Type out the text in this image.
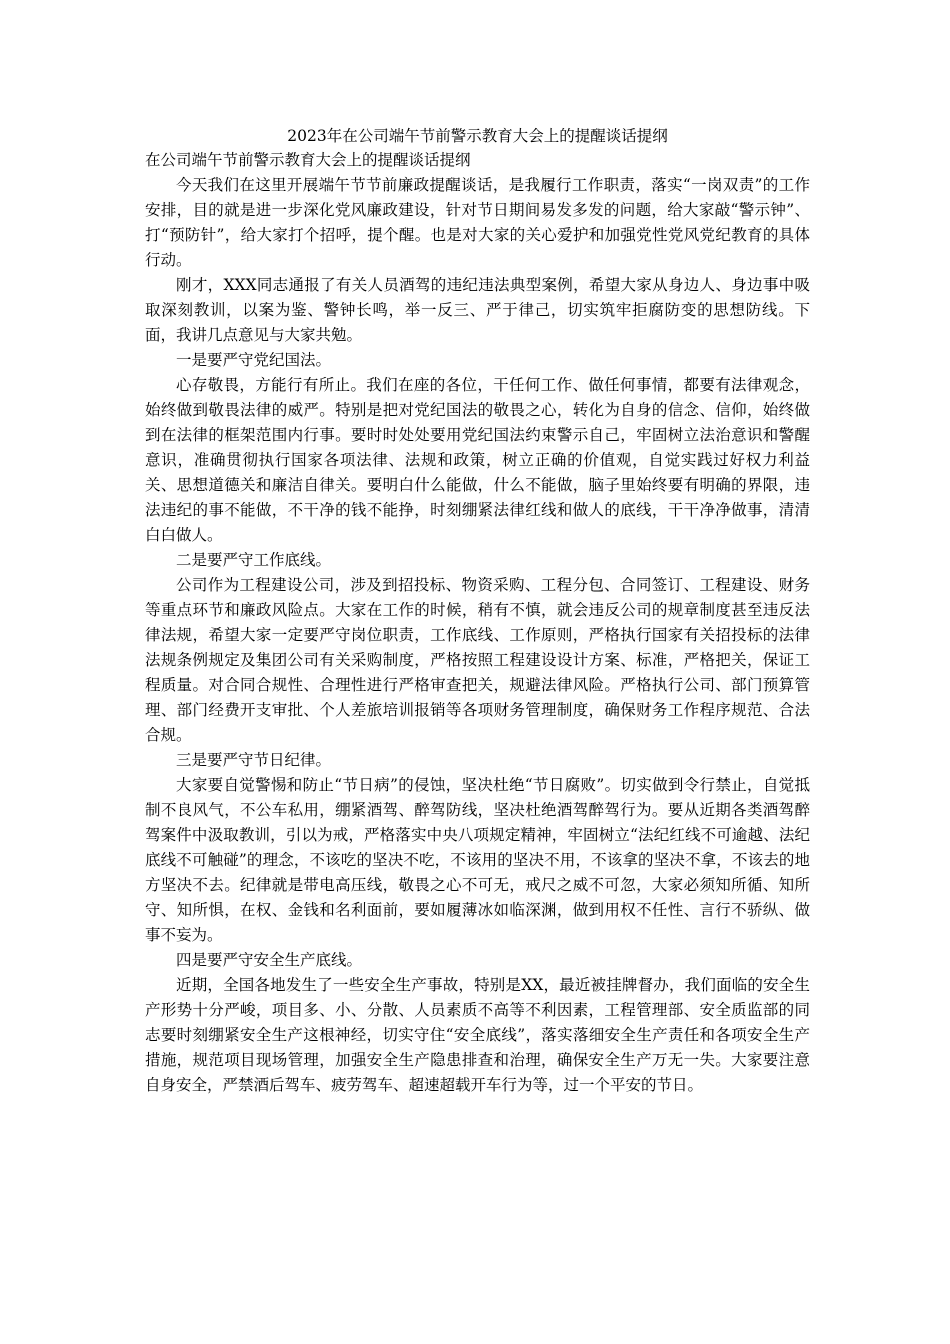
2023年在公司端午节前警示教育大会上的提醒谈话提纲

在公司端午节前警示教育大会上的提醒谈话提纲

今天我们在这里开展端午节节前廉政提醒谈话，是我履行工作职责，落实“一岗双责”的工作安排，目的就是进一步深化党风廉政建设，针对节日期间易发多发的问题，给大家敲“警示钟”、打“预防针”，给大家打个招呼，提个醒。也是对大家的关心爱护和加强党性党风党纪教育的具体行动。

刚才，XXX同志通报了有关人员酒驾的违纪违法典型案例，希望大家从身边人、身边事中吸取深刻教训，以案为鉴、警钟长鸣，举一反三、严于律己，切实筑牢拒腐防变的思想防线。下面，我讲几点意见与大家共勉。

一是要严守党纪国法。

心存敬畏，方能行有所止。我们在座的各位，干任何工作、做任何事情，都要有法律观念，始终做到敬畏法律的威严。特别是把对党纪国法的敬畏之心，转化为自身的信念、信仰，始终做到在法律的框架范围内行事。要时时处处要用党纪国法约束警示自己，牢固树立法治意识和警醒意识，准确贯彻执行国家各项法律、法规和政策，树立正确的价值观，自觉实践过好权力利益关、思想道德关和廉洁自律关。要明白什么能做，什么不能做，脑子里始终要有明确的界限，违法违纪的事不能做，不干净的钱不能挣，时刻绷紧法律红线和做人的底线，干干净净做事，清清白白做人。

二是要严守工作底线。

公司作为工程建设公司，涉及到招投标、物资采购、工程分包、合同签订、工程建设、财务等重点环节和廉政风险点。大家在工作的时候，稍有不慎，就会违反公司的规章制度甚至违反法律法规，希望大家一定要严守岗位职责，工作底线、工作原则，严格执行国家有关招投标的法律法规条例规定及集团公司有关采购制度，严格按照工程建设设计方案、标准，严格把关，保证工程质量。对合同合规性、合理性进行严格审查把关，规避法律风险。严格执行公司、部门预算管理、部门经费开支审批、个人差旅培训报销等各项财务管理制度，确保财务工作程序规范、合法合规。

三是要严守节日纪律。

大家要自觉警惕和防止“节日病”的侵蚀，坚决杜绝“节日腐败”。切实做到令行禁止，自觉抵制不良风气，不公车私用，绷紧酒驾、醉驾防线，坚决杜绝酒驾醉驾行为。要从近期各类酒驾醉驾案件中汲取教训，引以为戒，严格落实中央八项规定精神，牢固树立“法纪红线不可逾越、法纪底线不可触碰”的理念，不该吃的坚决不吃，不该用的坚决不用，不该拿的坚决不拿，不该去的地方坚决不去。纪律就是带电高压线，敬畏之心不可无，戒尺之威不可忽，大家必须知所循、知所守、知所惧，在权、金钱和名利面前，要如履薄冰如临深渊，做到用权不任性、言行不骄纵、做事不妄为。

四是要严守安全生产底线。

近期，全国各地发生了一些安全生产事故，特别是XX，最近被挂牌督办，我们面临的安全生产形势十分严峻，项目多、小、分散、人员素质不高等不利因素，工程管理部、安全质监部的同志要时刻绷紧安全生产这根神经，切实守住“安全底线”，落实落细安全生产责任和各项安全生产措施，规范项目现场管理，加强安全生产隐患排查和治理，确保安全生产万无一失。大家要注意自身安全，严禁酒后驾车、疲劳驾车、超速超载开车行为等，过一个平安的节日。
